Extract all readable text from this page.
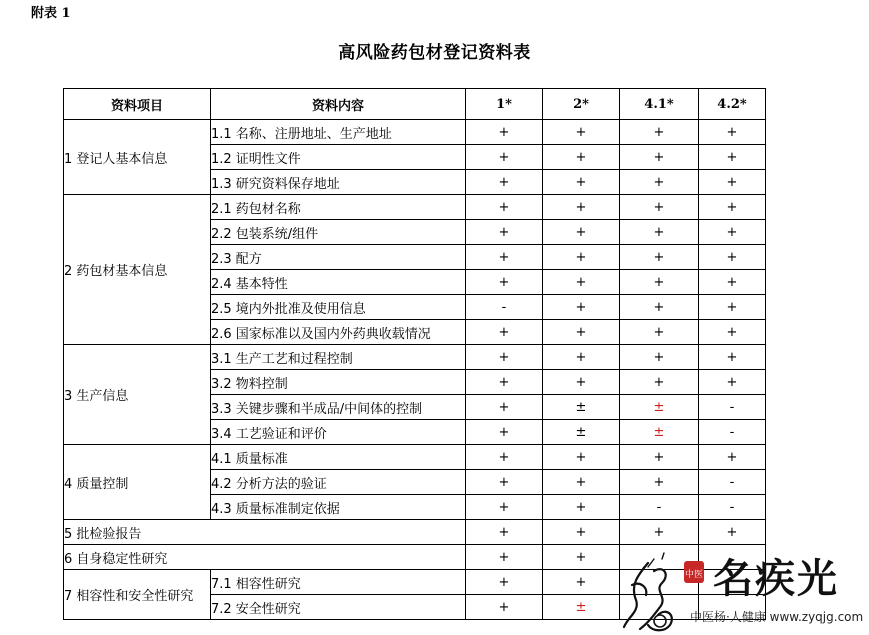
附表 1
高风险药包材登记资料表
资料项目	资料内容	1*	2*	4.1*	4.2*
1 登记人基本信息	1.1 名称、注册地址、生产地址	+	+	+	+
	1.2 证明性文件	+	+	+	+
	1.3 研究资料保存地址	+	+	+	+
2 药包材基本信息	2.1 药包材名称	+	+	+	+
	2.2 包装系统/组件	+	+	+	+
	2.3 配方	+	+	+	+
	2.4 基本特性	+	+	+	+
	2.5 境内外批准及使用信息	-	+	+	+
	2.6 国家标准以及国内外药典收载情况	+	+	+	+
3 生产信息	3.1 生产工艺和过程控制	+	+	+	+
	3.2 物料控制	+	+	+	+
	3.3 关键步骤和半成品/中间体的控制	+	±	±	-
	3.4 工艺验证和评价	+	±	±	-
4 质量控制	4.1 质量标准	+	+	+	+
	4.2 分析方法的验证	+	+	+	-
	4.3 质量标准制定依据	+	+	-	-
5 批检验报告		+	+	+	+
6 自身稳定性研究		+	+		
7 相容性和安全性研究	7.1 相容性研究	+	+		
	7.2 安全性研究	+	±		
中医 名疾光
中医杨·人健康 www.zyqjg.com
